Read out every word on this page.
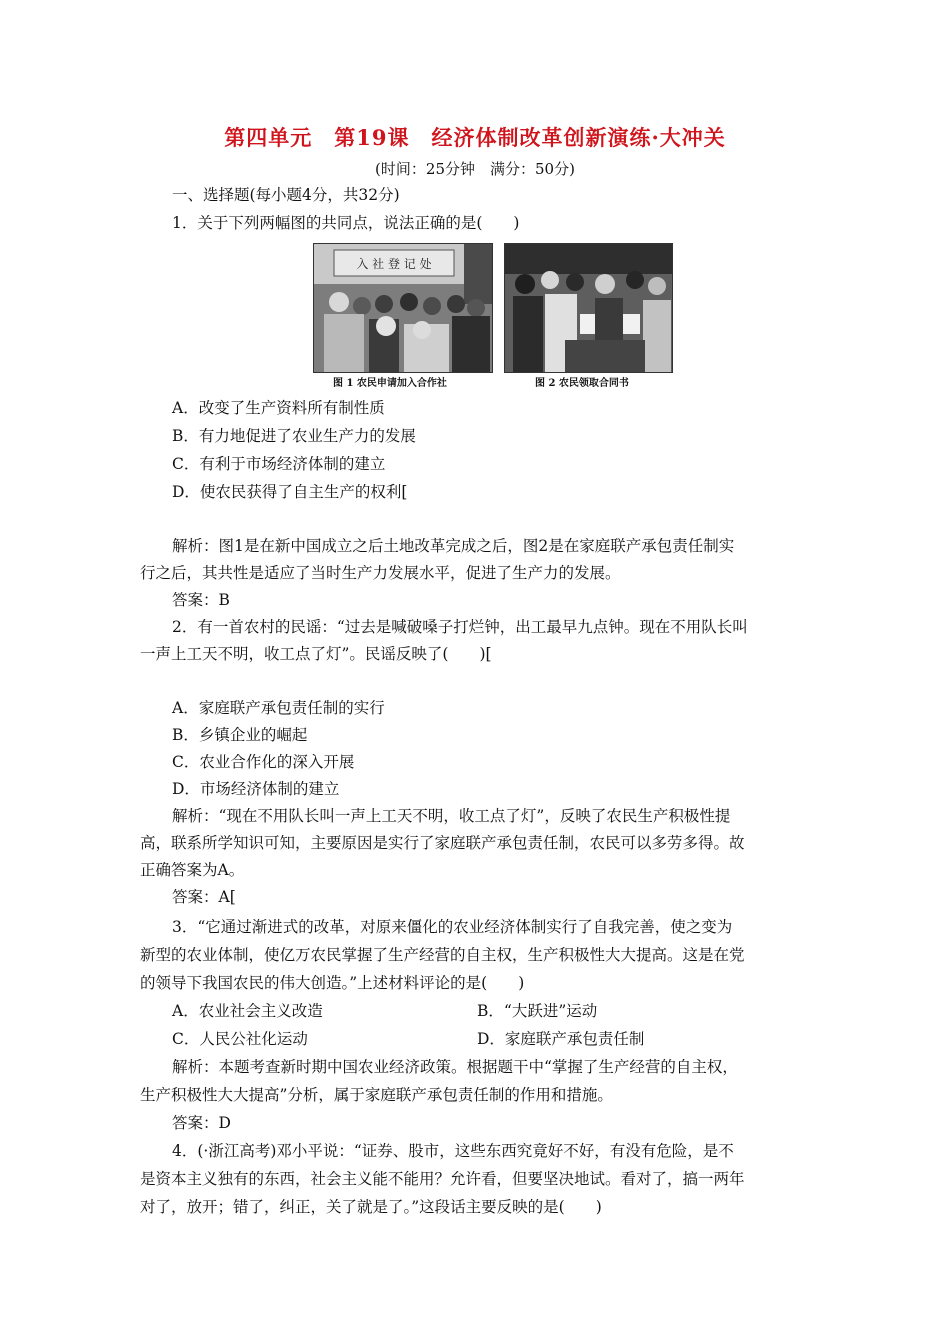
第四单元　第19课　经济体制改革创新演练·大冲关
(时间：25分钟　满分：50分)
一、选择题(每小题4分，共32分)
1．关于下列两幅图的共同点，说法正确的是(　　)
入 社 登 记 处
图 1 农民申请加入合作社	图 2 农民领取合同书
A．改变了生产资料所有制性质
B．有力地促进了农业生产力的发展
C．有利于市场经济体制的建立
D．使农民获得了自主生产的权利[
解析：图1是在新中国成立之后土地改革完成之后，图2是在家庭联产承包责任制实
行之后，其共性是适应了当时生产力发展水平，促进了生产力的发展。
答案：B
2．有一首农村的民谣：“过去是喊破嗓子打烂钟，出工最早九点钟。现在不用队长叫
一声上工天不明，收工点了灯”。民谣反映了(　　)[
A．家庭联产承包责任制的实行
B．乡镇企业的崛起
C．农业合作化的深入开展
D．市场经济体制的建立
解析：“现在不用队长叫一声上工天不明，收工点了灯”，反映了农民生产积极性提
高，联系所学知识可知，主要原因是实行了家庭联产承包责任制，农民可以多劳多得。故
正确答案为A。
答案：A[
3．“它通过渐进式的改革，对原来僵化的农业经济体制实行了自我完善，使之变为
新型的农业体制，使亿万农民掌握了生产经营的自主权，生产积极性大大提高。这是在党
的领导下我国农民的伟大创造。”上述材料评论的是(　　)
A．农业社会主义改造	B．“大跃进”运动
C．人民公社化运动	D．家庭联产承包责任制
解析：本题考查新时期中国农业经济政策。根据题干中“掌握了生产经营的自主权，
生产积极性大大提高”分析，属于家庭联产承包责任制的作用和措施。
答案：D
4．(·浙江高考)邓小平说：“证券、股市，这些东西究竟好不好，有没有危险，是不
是资本主义独有的东西，社会主义能不能用？允许看，但要坚决地试。看对了，搞一两年
对了，放开；错了，纠正，关了就是了。”这段话主要反映的是(　　)
